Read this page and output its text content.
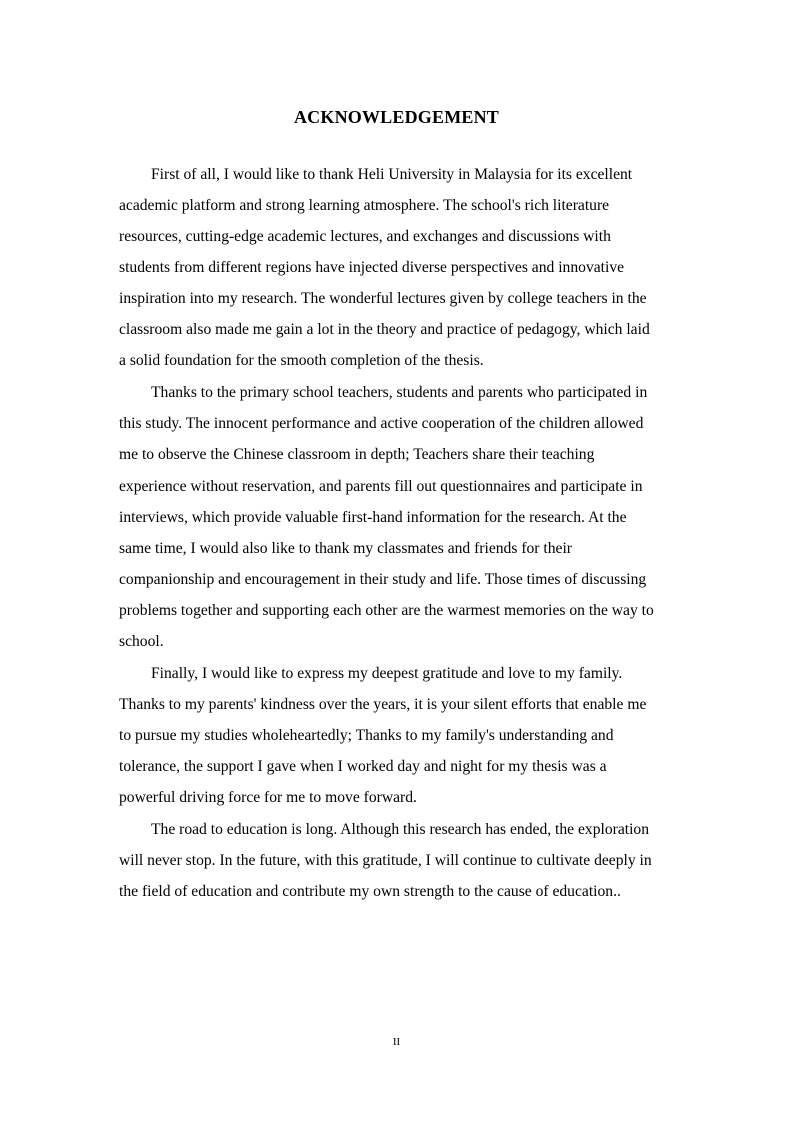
ACKNOWLEDGEMENT
First of all, I would like to thank Heli University in Malaysia for its excellent
academic platform and strong learning atmosphere. The school's rich literature
resources, cutting-edge academic lectures, and exchanges and discussions with
students from different regions have injected diverse perspectives and innovative
inspiration into my research. The wonderful lectures given by college teachers in the
classroom also made me gain a lot in the theory and practice of pedagogy, which laid
a solid foundation for the smooth completion of the thesis.
Thanks to the primary school teachers, students and parents who participated in
this study. The innocent performance and active cooperation of the children allowed
me to observe the Chinese classroom in depth; Teachers share their teaching
experience without reservation, and parents fill out questionnaires and participate in
interviews, which provide valuable first-hand information for the research. At the
same time, I would also like to thank my classmates and friends for their
companionship and encouragement in their study and life. Those times of discussing
problems together and supporting each other are the warmest memories on the way to
school.
Finally, I would like to express my deepest gratitude and love to my family.
Thanks to my parents' kindness over the years, it is your silent efforts that enable me
to pursue my studies wholeheartedly; Thanks to my family's understanding and
tolerance, the support I gave when I worked day and night for my thesis was a
powerful driving force for me to move forward.
The road to education is long. Although this research has ended, the exploration
will never stop. In the future, with this gratitude, I will continue to cultivate deeply in
the field of education and contribute my own strength to the cause of education..
II
